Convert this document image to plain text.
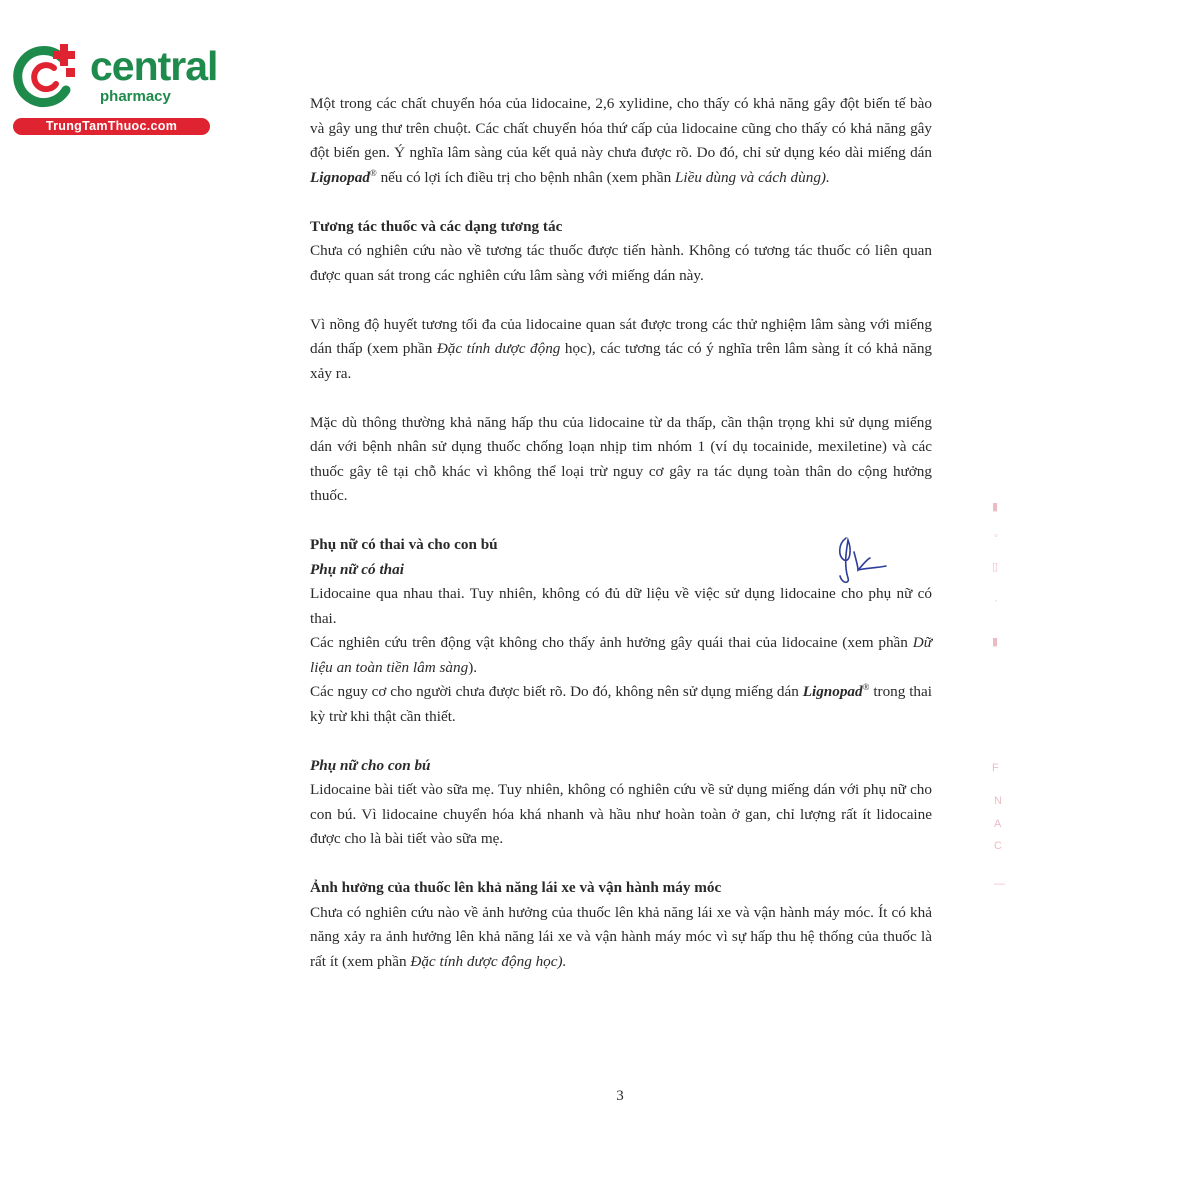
central
pharmacy
TrungTamThuoc.com

Một trong các chất chuyển hóa của lidocaine, 2,6 xylidine, cho thấy có khả năng gây đột biến tế bào và gây ung thư trên chuột. Các chất chuyển hóa thứ cấp của lidocaine cũng cho thấy có khả năng gây đột biến gen. Ý nghĩa lâm sàng của kết quả này chưa được rõ. Do đó, chỉ sử dụng kéo dài miếng dán Lignopad® nếu có lợi ích điều trị cho bệnh nhân (xem phần Liều dùng và cách dùng).

Tương tác thuốc và các dạng tương tác

Chưa có nghiên cứu nào về tương tác thuốc được tiến hành. Không có tương tác thuốc có liên quan được quan sát trong các nghiên cứu lâm sàng với miếng dán này.

Vì nồng độ huyết tương tối đa của lidocaine quan sát được trong các thử nghiệm lâm sàng với miếng dán thấp (xem phần Đặc tính dược động học), các tương tác có ý nghĩa trên lâm sàng ít có khả năng xảy ra.

Mặc dù thông thường khả năng hấp thu của lidocaine từ da thấp, cần thận trọng khi sử dụng miếng dán với bệnh nhân sử dụng thuốc chống loạn nhịp tim nhóm 1 (ví dụ tocainide, mexiletine) và các thuốc gây tê tại chỗ khác vì không thể loại trừ nguy cơ gây ra tác dụng toàn thân do cộng hưởng thuốc.

Phụ nữ có thai và cho con bú

Phụ nữ có thai

Lidocaine qua nhau thai. Tuy nhiên, không có đủ dữ liệu về việc sử dụng lidocaine cho phụ nữ có thai.

Các nghiên cứu trên động vật không cho thấy ảnh hưởng gây quái thai của lidocaine (xem phần Dữ liệu an toàn tiền lâm sàng).

Các nguy cơ cho người chưa được biết rõ. Do đó, không nên sử dụng miếng dán Lignopad® trong thai kỳ trừ khi thật cần thiết.

Phụ nữ cho con bú

Lidocaine bài tiết vào sữa mẹ. Tuy nhiên, không có nghiên cứu về sử dụng miếng dán với phụ nữ cho con bú. Vì lidocaine chuyển hóa khá nhanh và hầu như hoàn toàn ở gan, chỉ lượng rất ít lidocaine được cho là bài tiết vào sữa mẹ.

Ảnh hưởng của thuốc lên khả năng lái xe và vận hành máy móc

Chưa có nghiên cứu nào về ảnh hưởng của thuốc lên khả năng lái xe và vận hành máy móc. Ít có khả năng xảy ra ảnh hưởng lên khả năng lái xe và vận hành máy móc vì sự hấp thu hệ thống của thuốc là rất ít (xem phần Đặc tính dược động học).

▮
◦
▯
·
▮
F
N
A
C
—
3
